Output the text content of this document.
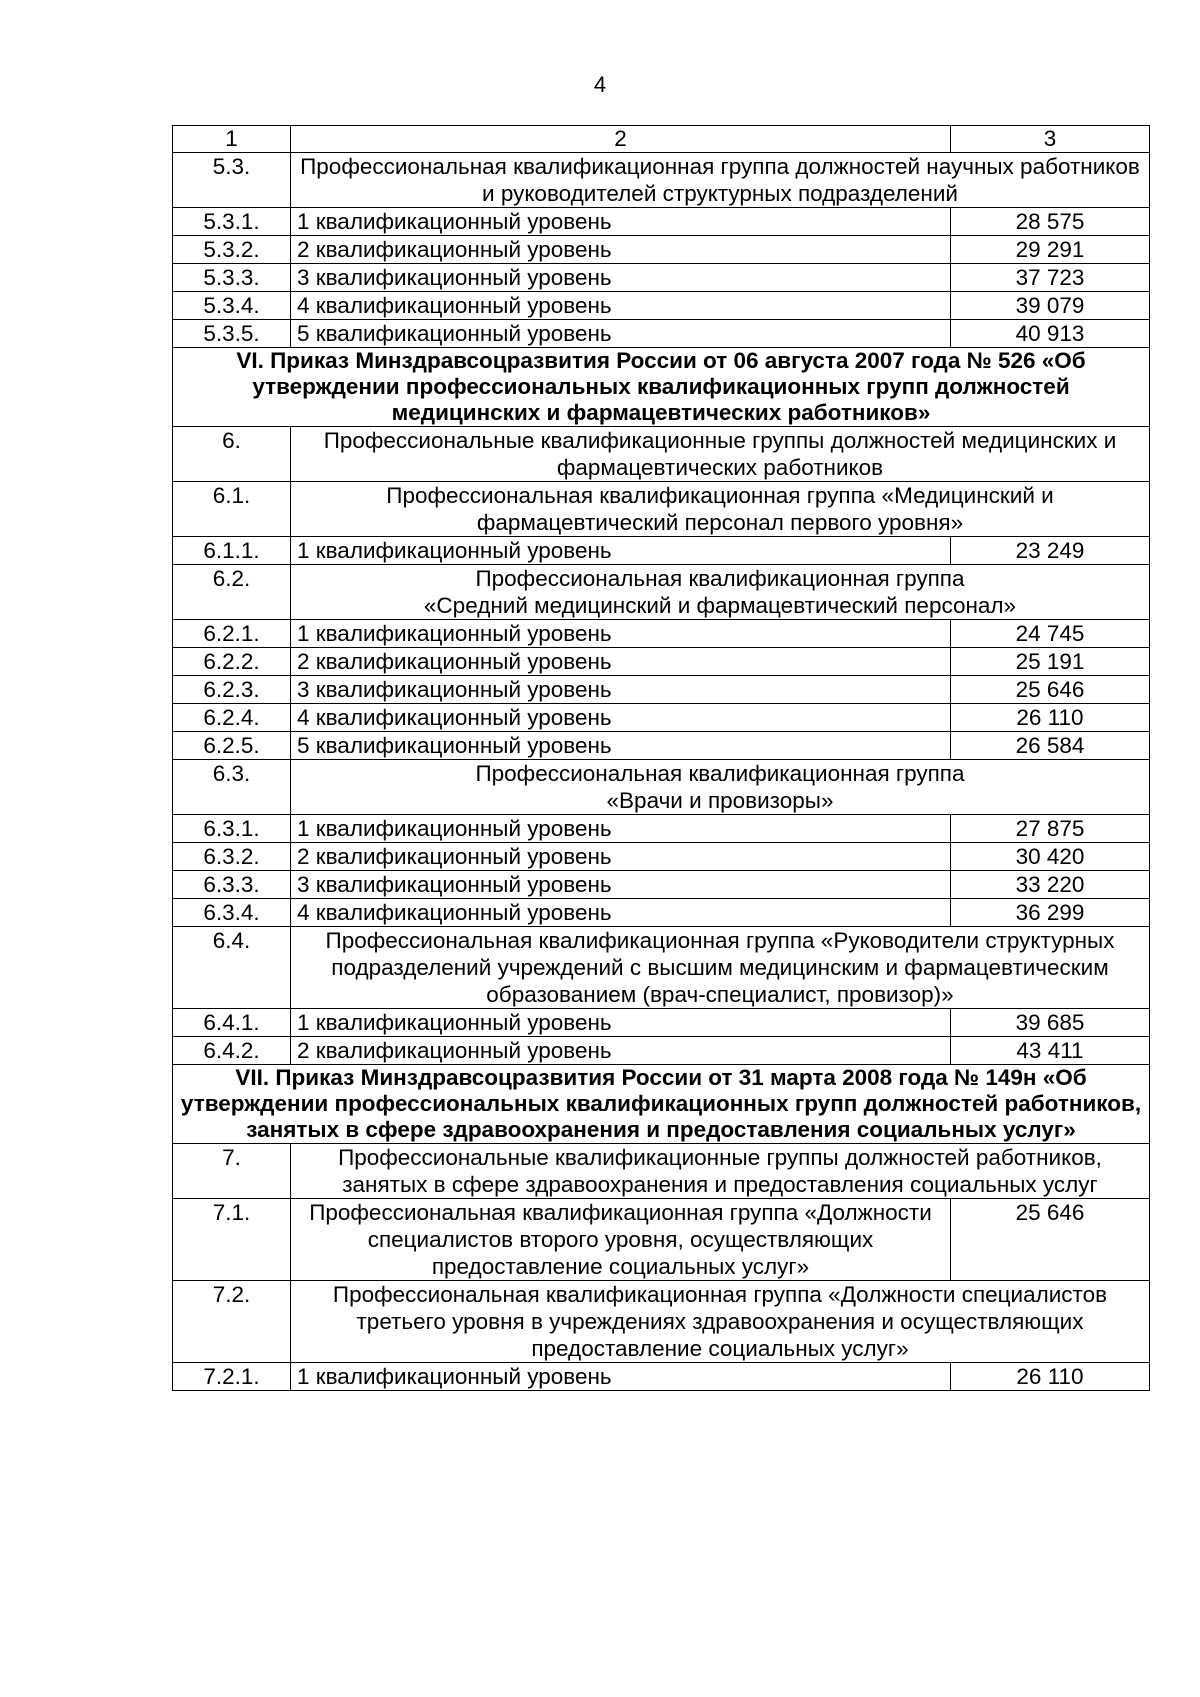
4
1	2	3
5.3.	Профессиональная квалификационная группа должностей научных работников и руководителей структурных подразделений	
5.3.1.	1 квалификационный уровень	28 575
5.3.2.	2 квалификационный уровень	29 291
5.3.3.	3 квалификационный уровень	37 723
5.3.4.	4 квалификационный уровень	39 079
5.3.5.	5 квалификационный уровень	40 913
VI. Приказ Минздравсоцразвития России от 06 августа 2007 года № 526 «Об утверждении профессиональных квалификационных групп должностей медицинских и фармацевтических работников»		
6.	Профессиональные квалификационные группы должностей медицинских и фармацевтических работников	
6.1.	Профессиональная квалификационная группа «Медицинский и фармацевтический персонал первого уровня»	
6.1.1.	1 квалификационный уровень	23 249
6.2.	Профессиональная квалификационная группа
«Средний медицинский и фармацевтический персонал»	
6.2.1.	1 квалификационный уровень	24 745
6.2.2.	2 квалификационный уровень	25 191
6.2.3.	3 квалификационный уровень	25 646
6.2.4.	4 квалификационный уровень	26 110
6.2.5.	5 квалификационный уровень	26 584
6.3.	Профессиональная квалификационная группа
«Врачи и провизоры»	
6.3.1.	1 квалификационный уровень	27 875
6.3.2.	2 квалификационный уровень	30 420
6.3.3.	3 квалификационный уровень	33 220
6.3.4.	4 квалификационный уровень	36 299
6.4.	Профессиональная квалификационная группа «Руководители структурных подразделений учреждений с высшим медицинским и фармацевтическим образованием (врач-специалист, провизор)»	
6.4.1.	1 квалификационный уровень	39 685
6.4.2.	2 квалификационный уровень	43 411
VII. Приказ Минздравсоцразвития России от 31 марта 2008 года № 149н «Об утверждении профессиональных квалификационных групп должностей работников, занятых в сфере здравоохранения и предоставления социальных услуг»		
7.	Профессиональные квалификационные группы должностей работников, занятых в сфере здравоохранения и предоставления социальных услуг	
7.1.	Профессиональная квалификационная группа «Должности специалистов второго уровня, осуществляющих предоставление социальных услуг»	25 646
7.2.	Профессиональная квалификационная группа «Должности специалистов третьего уровня в учреждениях здравоохранения и осуществляющих предоставление социальных услуг»	
7.2.1.	1 квалификационный уровень	26 110
